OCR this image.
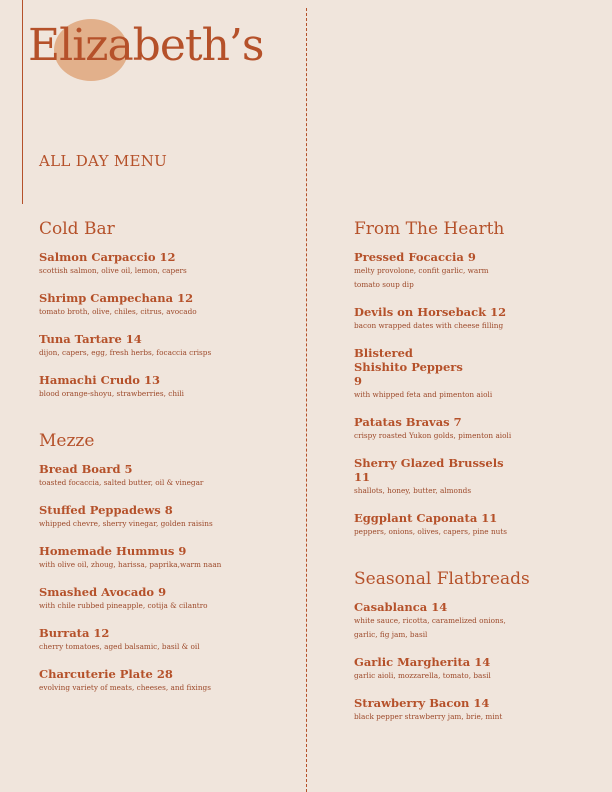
Elizabeth’s
ALL DAY MENU
Cold Bar
Salmon Carpaccio 12
scottish salmon, olive oil, lemon, capers
Shrimp Campechana 12
tomato broth, olive, chiles, citrus, avocado
Tuna Tartare 14
dijon, capers, egg, fresh herbs, focaccia crisps
Hamachi Crudo 13
blood orange-shoyu, strawberries, chili
Mezze
Bread Board 5
toasted focaccia, salted butter, oil & vinegar
Stuffed Peppadews 8
whipped chevre, sherry vinegar, golden raisins
Homemade Hummus 9
with olive oil, zhoug, harissa, paprika,warm naan
Smashed Avocado 9
with chile rubbed pineapple, cotija & cilantro
Burrata 12
cherry tomatoes, aged balsamic, basil & oil
Charcuterie Plate 28
evolving variety of meats, cheeses, and fixings
From The Hearth
Pressed Focaccia 9
melty provolone, confit garlic, warm tomato soup dip
Devils on Horseback 12
bacon wrapped dates with cheese filling
Blistered Shishito Peppers 9
with whipped feta and pimenton aioli
Patatas Bravas 7
crispy roasted Yukon golds, pimenton aioli
Sherry Glazed Brussels 11
shallots, honey, butter, almonds
Eggplant Caponata 11
peppers, onions, olives, capers, pine nuts
Seasonal Flatbreads
Casablanca 14
white sauce, ricotta, caramelized onions, garlic, fig jam, basil
Garlic Margherita 14
garlic aioli, mozzarella, tomato, basil
Strawberry Bacon 14
black pepper strawberry jam, brie, mint
